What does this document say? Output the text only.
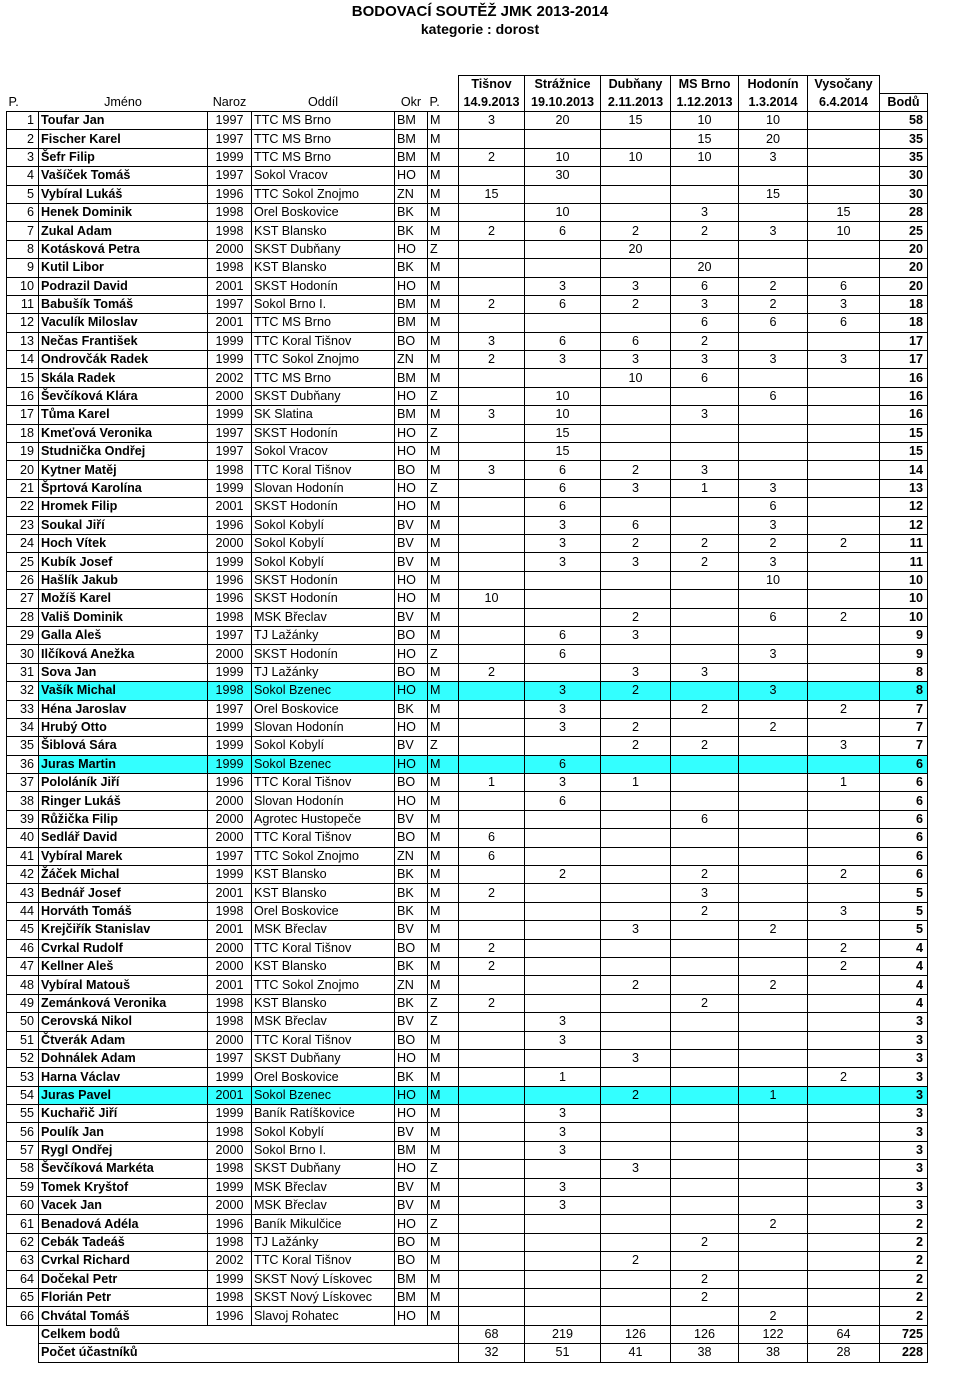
BODOVACÍ SOUTĚŽ JMK 2013-2014
kategorie : dorost
						Tišnov	Strážnice	Dubňany	MS Brno	Hodonín	Vysočany	
P.	Jméno	Naroz	Oddíl	Okr	P.	14.9.2013	19.10.2013	2.11.2013	1.12.2013	1.3.2014	6.4.2014	Bodů
1	Toufar Jan	1997	TTC MS Brno	BM	M	3	20	15	10	10		58
2	Fischer Karel	1997	TTC MS Brno	BM	M				15	20		35
3	Šefr Filip	1999	TTC MS Brno	BM	M	2	10	10	10	3		35
4	Vašíček Tomáš	1997	Sokol Vracov	HO	M		30					30
5	Vybíral Lukáš	1996	TTC Sokol Znojmo	ZN	M	15				15		30
6	Henek Dominik	1998	Orel Boskovice	BK	M		10		3		15	28
7	Zukal Adam	1998	KST Blansko	BK	M	2	6	2	2	3	10	25
8	Kotásková Petra	2000	SKST Dubňany	HO	Z			20				20
9	Kutil Libor	1998	KST Blansko	BK	M				20			20
10	Podrazil David	2001	SKST Hodonín	HO	M		3	3	6	2	6	20
11	Babušík Tomáš	1997	Sokol Brno I.	BM	M	2	6	2	3	2	3	18
12	Vaculík Miloslav	2001	TTC MS Brno	BM	M				6	6	6	18
13	Nečas František	1999	TTC Koral Tišnov	BO	M	3	6	6	2			17
14	Ondrovčák Radek	1999	TTC Sokol Znojmo	ZN	M	2	3	3	3	3	3	17
15	Skála Radek	2002	TTC MS Brno	BM	M			10	6			16
16	Ševčíková Klára	2000	SKST Dubňany	HO	Z		10			6		16
17	Tůma Karel	1999	SK Slatina	BM	M	3	10		3			16
18	Kmeťová Veronika	1997	SKST Hodonín	HO	Z		15					15
19	Studnička Ondřej	1997	Sokol Vracov	HO	M		15					15
20	Kytner Matěj	1998	TTC Koral Tišnov	BO	M	3	6	2	3			14
21	Šprtová Karolína	1999	Slovan Hodonín	HO	Z		6	3	1	3		13
22	Hromek Filip	2001	SKST Hodonín	HO	M		6			6		12
23	Soukal Jiří	1996	Sokol Kobylí	BV	M		3	6		3		12
24	Hoch Vítek	2000	Sokol Kobylí	BV	M		3	2	2	2	2	11
25	Kubík Josef	1999	Sokol Kobylí	BV	M		3	3	2	3		11
26	Hašlík Jakub	1996	SKST Hodonín	HO	M					10		10
27	Možíš Karel	1996	SKST Hodonín	HO	M	10						10
28	Vališ Dominik	1998	MSK Břeclav	BV	M			2		6	2	10
29	Galla Aleš	1997	TJ Lažánky	BO	M		6	3				9
30	Ilčíková Anežka	2000	SKST Hodonín	HO	Z		6			3		9
31	Sova Jan	1999	TJ Lažánky	BO	M	2		3	3			8
32	Vašík Michal	1998	Sokol Bzenec	HO	M		3	2		3		8
33	Héna Jaroslav	1997	Orel Boskovice	BK	M		3		2		2	7
34	Hrubý Otto	1999	Slovan Hodonín	HO	M		3	2		2		7
35	Šiblová Sára	1999	Sokol Kobylí	BV	Z			2	2		3	7
36	Juras Martin	1999	Sokol Bzenec	HO	M		6					6
37	Pololáník Jiří	1996	TTC Koral Tišnov	BO	M	1	3	1			1	6
38	Ringer Lukáš	2000	Slovan Hodonín	HO	M		6					6
39	Růžička Filip	2000	Agrotec Hustopeče	BV	M				6			6
40	Sedlář David	2000	TTC Koral Tišnov	BO	M	6						6
41	Vybíral Marek	1997	TTC Sokol Znojmo	ZN	M	6						6
42	Žáček Michal	1999	KST Blansko	BK	M		2		2		2	6
43	Bednář Josef	2001	KST Blansko	BK	M	2			3			5
44	Horváth Tomáš	1998	Orel Boskovice	BK	M				2		3	5
45	Krejčiřík Stanislav	2001	MSK Břeclav	BV	M			3		2		5
46	Cvrkal Rudolf	2000	TTC Koral Tišnov	BO	M	2					2	4
47	Kellner Aleš	2000	KST Blansko	BK	M	2					2	4
48	Vybíral Matouš	2001	TTC Sokol Znojmo	ZN	M			2		2		4
49	Zemánková Veronika	1998	KST Blansko	BK	Z	2			2			4
50	Cerovská Nikol	1998	MSK Břeclav	BV	Z		3					3
51	Čtverák Adam	2000	TTC Koral Tišnov	BO	M		3					3
52	Dohnálek Adam	1997	SKST Dubňany	HO	M			3				3
53	Harna Václav	1999	Orel Boskovice	BK	M		1				2	3
54	Juras Pavel	2001	Sokol Bzenec	HO	M			2		1		3
55	Kuchařič Jiří	1999	Baník Ratíškovice	HO	M		3					3
56	Poulík Jan	1998	Sokol Kobylí	BV	M		3					3
57	Rygl Ondřej	2000	Sokol Brno I.	BM	M		3					3
58	Ševčíková Markéta	1998	SKST Dubňany	HO	Z			3				3
59	Tomek Kryštof	1999	MSK Břeclav	BV	M		3					3
60	Vacek Jan	2000	MSK Břeclav	BV	M		3					3
61	Benadová Adéla	1996	Baník Mikulčice	HO	Z					2		2
62	Cebák Tadeáš	1998	TJ Lažánky	BO	M				2			2
63	Cvrkal Richard	2002	TTC Koral Tišnov	BO	M			2				2
64	Dočekal Petr	1999	SKST Nový Lískovec	BM	M				2			2
65	Florián Petr	1998	SKST Nový Lískovec	BM	M				2			2
66	Chvátal Tomáš	1996	Slavoj Rohatec	HO	M					2		2
	Celkem bodů					68	219	126	126	122	64	725
	Počet účastníků					32	51	41	38	38	28	228
